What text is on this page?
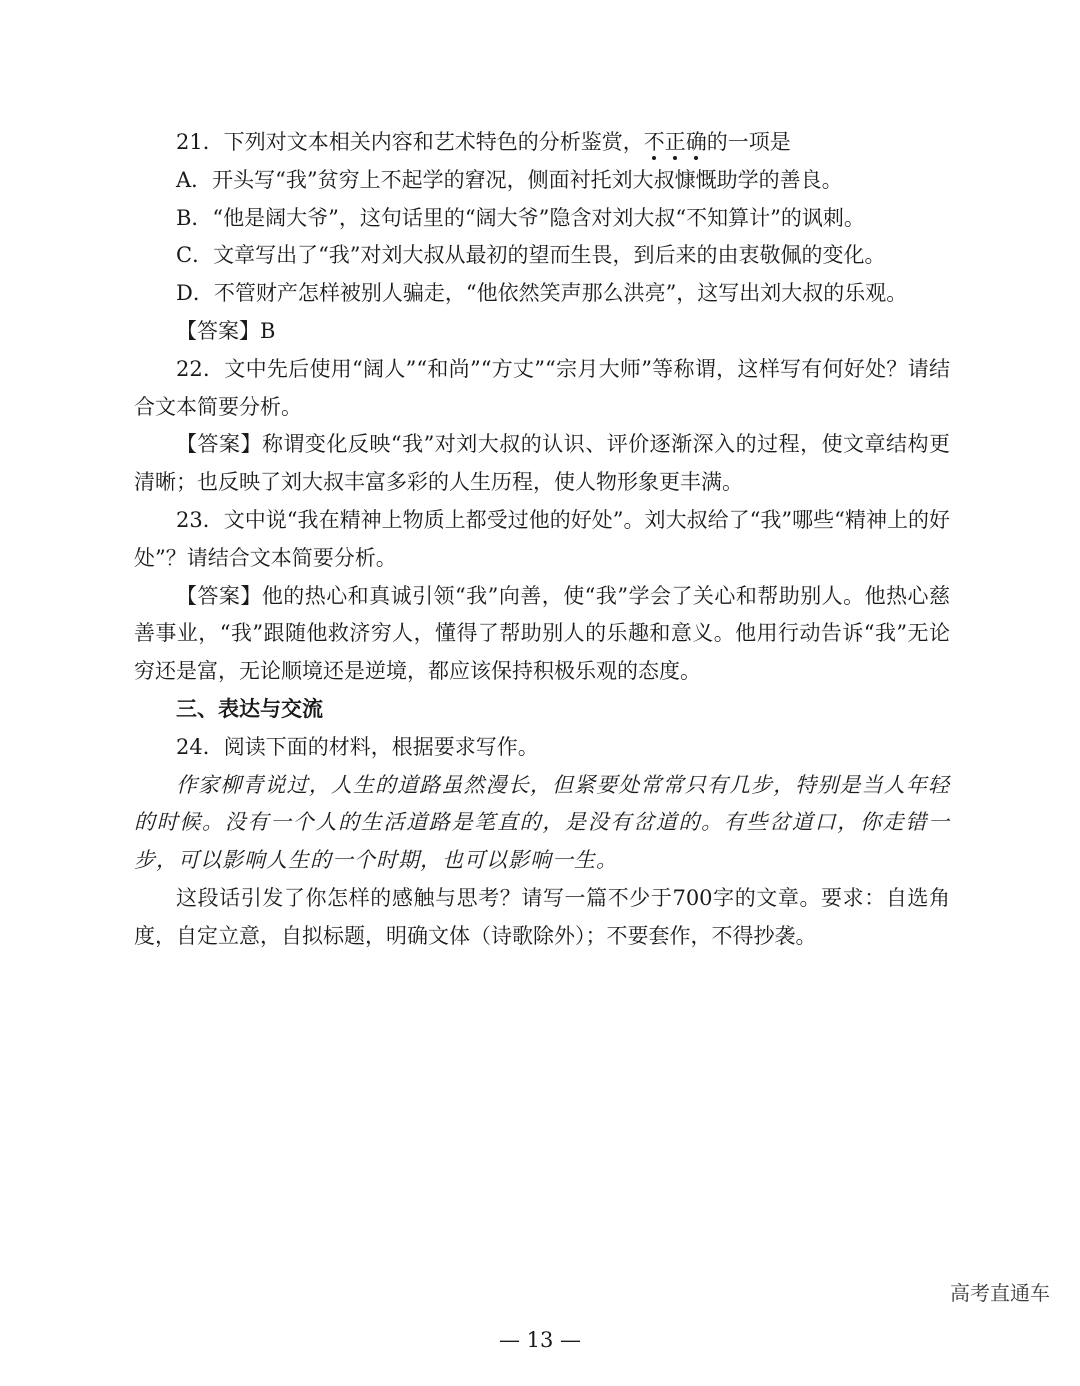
21．下列对文本相关内容和艺术特色的分析鉴赏，不正确的一项是

A．开头写“我”贫穷上不起学的窘况，侧面衬托刘大叔慷慨助学的善良。

B．“他是阔大爷”，这句话里的“阔大爷”隐含对刘大叔“不知算计”的讽刺。

C．文章写出了“我”对刘大叔从最初的望而生畏，到后来的由衷敬佩的变化。

D．不管财产怎样被别人骗走，“他依然笑声那么洪亮”，这写出刘大叔的乐观。

【答案】B

22．文中先后使用“阔人”“和尚”“方丈”“宗月大师”等称谓，这样写有何好处？请结合文本简要分析。

【答案】称谓变化反映“我”对刘大叔的认识、评价逐渐深入的过程，使文章结构更清晰；也反映了刘大叔丰富多彩的人生历程，使人物形象更丰满。

23．文中说“我在精神上物质上都受过他的好处”。刘大叔给了“我”哪些“精神上的好处”？请结合文本简要分析。

【答案】他的热心和真诚引领“我”向善，使“我”学会了关心和帮助别人。他热心慈善事业，“我”跟随他救济穷人，懂得了帮助别人的乐趣和意义。他用行动告诉“我”无论穷还是富，无论顺境还是逆境，都应该保持积极乐观的态度。

三、表达与交流

24．阅读下面的材料，根据要求写作。

作家柳青说过，人生的道路虽然漫长，但紧要处常常只有几步，特别是当人年轻的时候。没有一个人的生活道路是笔直的，是没有岔道的。有些岔道口，你走错一步，可以影响人生的一个时期，也可以影响一生。

这段话引发了你怎样的感触与思考？请写一篇不少于700字的文章。要求：自选角度，自定立意，自拟标题，明确文体（诗歌除外）；不要套作，不得抄袭。

高考直通车
— 13 —
